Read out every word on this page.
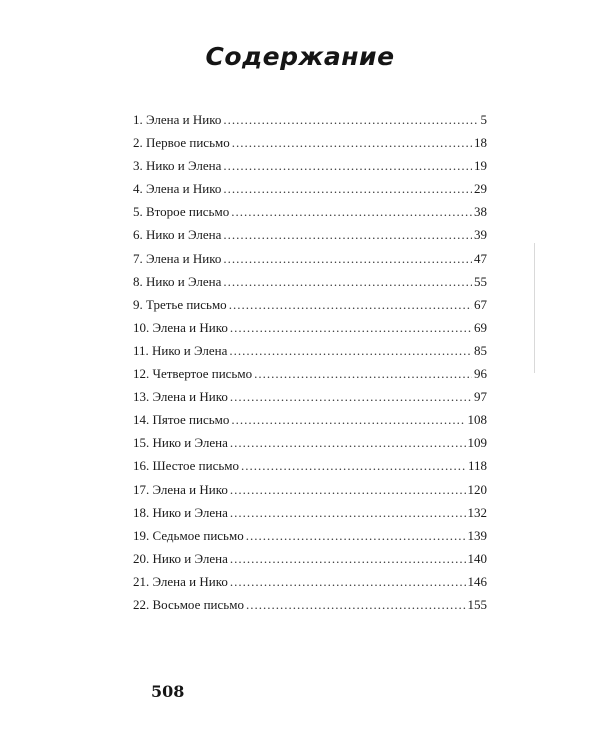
Содержание
1. Элена и Нико .....	5
2. Первое письмо .....	18
3. Нико и Элена .....	19
4. Элена и Нико .....	29
5. Второе письмо .....	38
6. Нико и Элена .....	39
7. Элена и Нико .....	47
8. Нико и Элена .....	55
9. Третье письмо .....	67
10. Элена и Нико .....	69
11. Нико и Элена .....	85
12. Четвертое письмо .....	96
13. Элена и Нико .....	97
14. Пятое письмо .....	108
15. Нико и Элена .....	109
16. Шестое письмо .....	118
17. Элена и Нико .....	120
18. Нико и Элена .....	132
19. Седьмое письмо .....	139
20. Нико и Элена .....	140
21. Элена и Нико .....	146
22. Восьмое письмо .....	155
508
